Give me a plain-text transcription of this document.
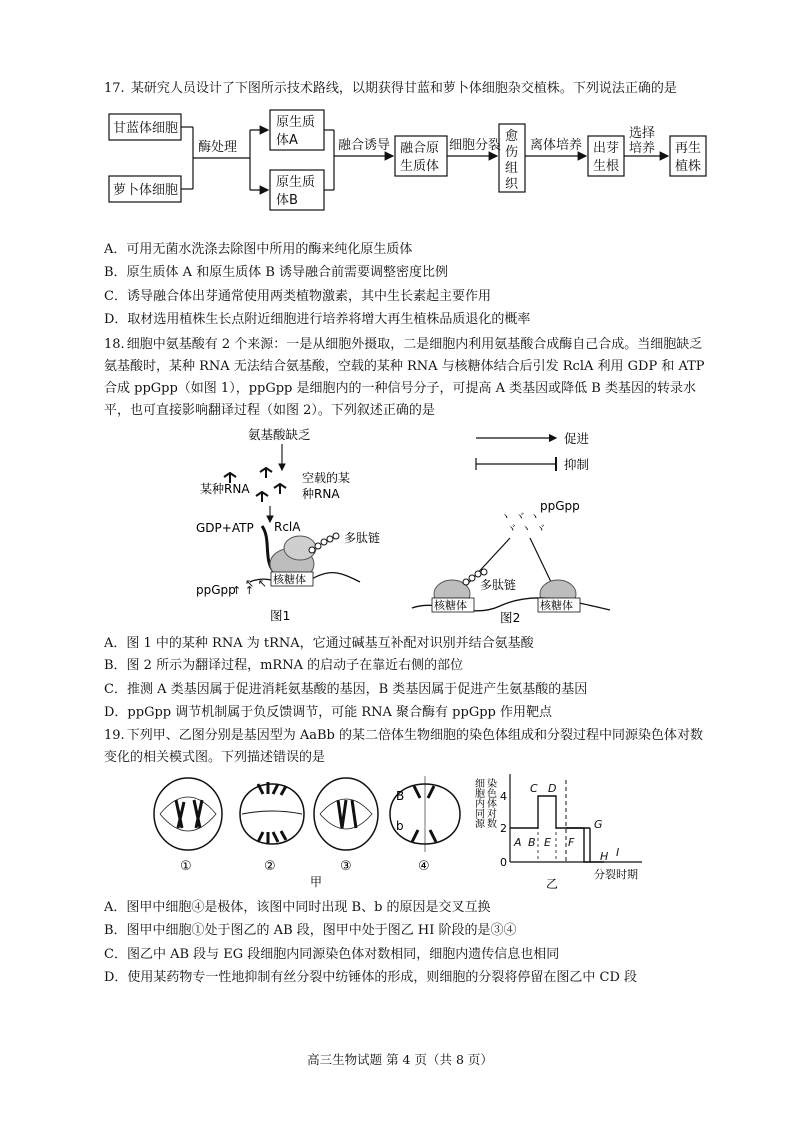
17. 某研究人员设计了下图所示技术路线，以期获得甘蓝和萝卜体细胞杂交植株。下列说法正确的是

甘蓝体细胞
萝卜体细胞
酶处理
原生质
体A
原生质
体B
融合诱导 融合原
生质体
细胞分裂
愈
伤
组
织
离体培养 出芽
生根
选择
培养 再生
植株

A．可用无菌水洗涤去除图中所用的酶来纯化原生质体

B．原生质体 A 和原生质体 B 诱导融合前需要调整密度比例

C．诱导融合体出芽通常使用两类植物激素，其中生长素起主要作用

D．取材选用植株生长点附近细胞进行培养将增大再生植株品质退化的概率

18. 细胞中氨基酸有 2 个来源：一是从细胞外摄取，二是细胞内利用氨基酸合成酶自己合成。当细胞缺乏
氨基酸时，某种 RNA 无法结合氨基酸，空载的某种 RNA 与核糖体结合后引发 RclA 利用 GDP 和 ATP
合成 ppGpp（如图 1），ppGpp 是细胞内的一种信号分子，可提高 A 类基因或降低 B 类基因的转录水
平，也可直接影响翻译过程（如图 2）。下列叙述正确的是

氨基酸缺乏
某种RNA
空载的某
种RNA
GDP+ATP RclA
多肽链
核糖体
ppGpp
↑ ↑
↖ ↖
图1
促进
抑制
ppGpp
ヽ ヾ ヽ
ヾ ヽ ヾ
多肽链
核糖体	核糖体
图2

A．图 1 中的某种 RNA 为 tRNA，它通过碱基互补配对识别并结合氨基酸

B．图 2 所示为翻译过程，mRNA 的启动子在靠近右侧的部位

C．推测 A 类基因属于促进消耗氨基酸的基因，B 类基因属于促进产生氨基酸的基因

D．ppGpp 调节机制属于负反馈调节，可能 RNA 聚合酶有 ppGpp 作用靶点

19. 下列甲、乙图分别是基因型为 AaBb 的某二倍体生物细胞的染色体组成和分裂过程中同源染色体对数
变化的相关模式图。下列描述错误的是

①	②	③
B
b
④
甲
细胞内同源 染色体对数
0
2
4
A B
C D
E F
G
H I
分裂时期
乙

A．图甲中细胞④是极体，该图中同时出现 B、b 的原因是交叉互换

B．图甲中细胞①处于图乙的 AB 段，图甲中处于图乙 HI 阶段的是③④

C．图乙中 AB 段与 EG 段细胞内同源染色体对数相同，细胞内遗传信息也相同

D．使用某药物专一性地抑制有丝分裂中纺锤体的形成，则细胞的分裂将停留在图乙中 CD 段

高三生物试题 第 4 页（共 8 页）
